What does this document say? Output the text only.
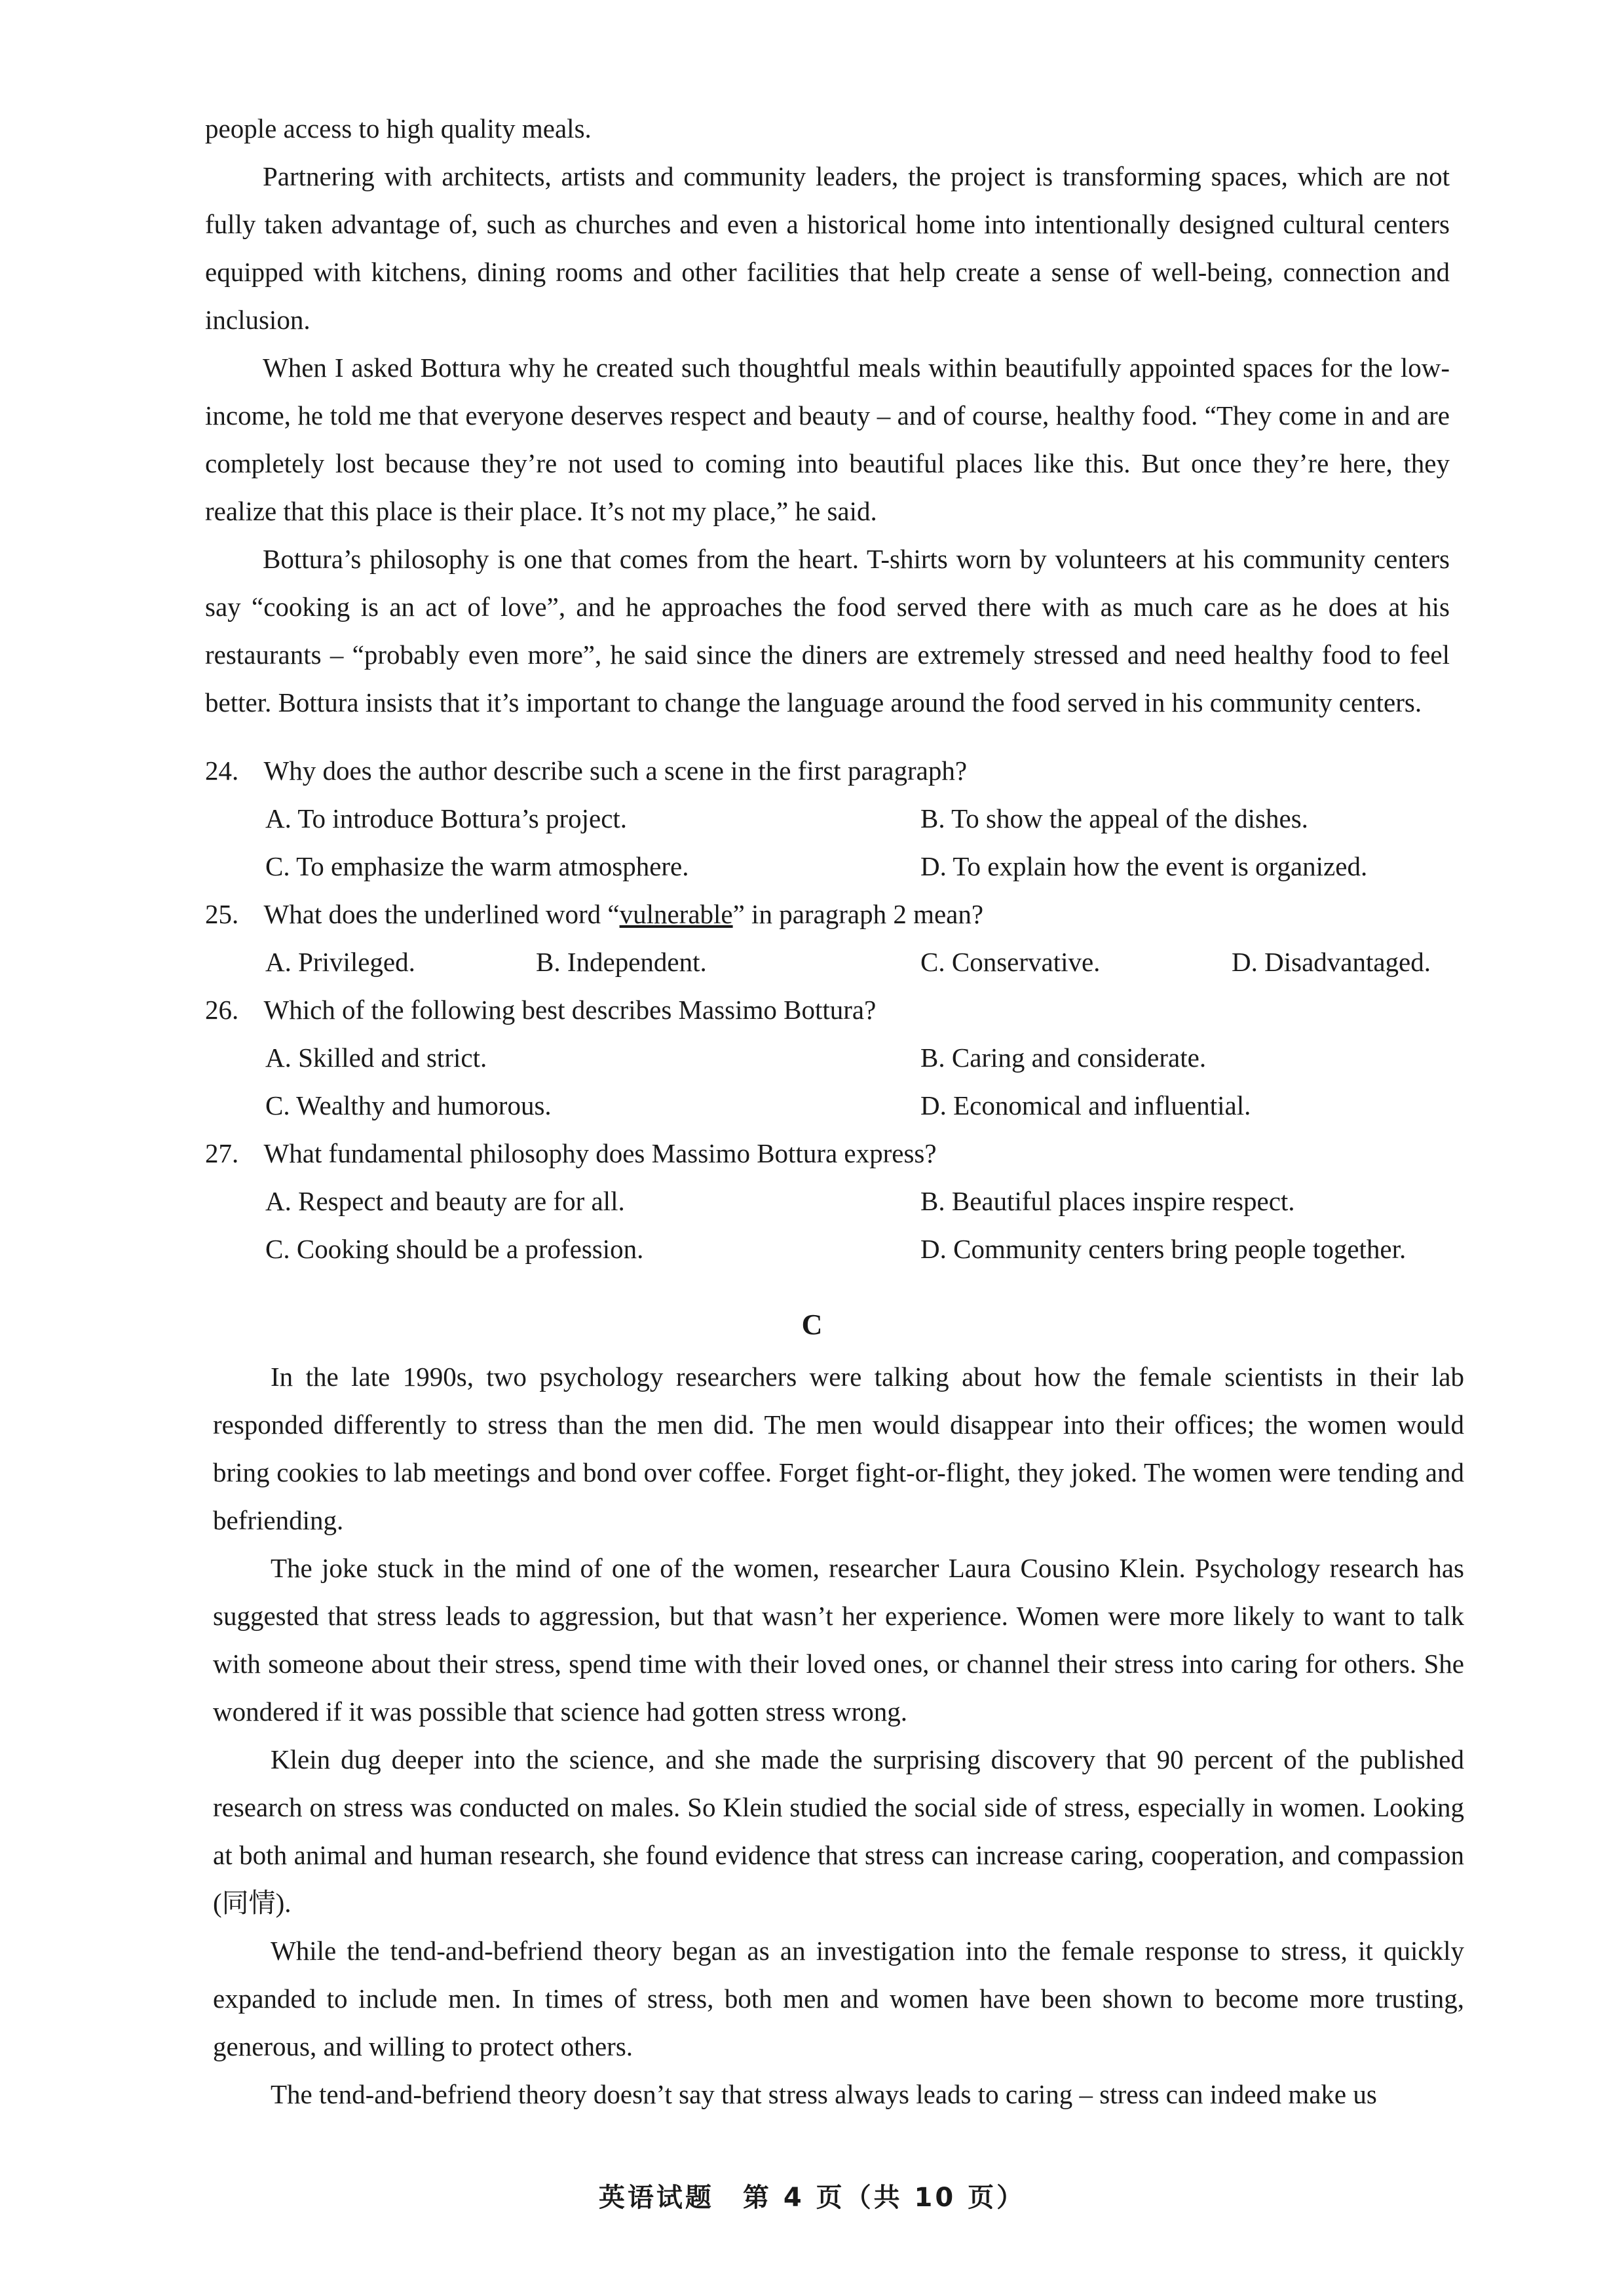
people access to high quality meals.

Partnering with architects, artists and community leaders, the project is transforming spaces, which are not fully taken advantage of, such as churches and even a historical home into intentionally designed cultural centers equipped with kitchens, dining rooms and other facilities that help create a sense of well-being, connection and inclusion.

When I asked Bottura why he created such thoughtful meals within beautifully appointed spaces for the low-income, he told me that everyone deserves respect and beauty – and of course, healthy food. “They come in and are completely lost because they’re not used to coming into beautiful places like this. But once they’re here, they realize that this place is their place. It’s not my place,” he said.

Bottura’s philosophy is one that comes from the heart. T-shirts worn by volunteers at his community centers say “cooking is an act of love”, and he approaches the food served there with as much care as he does at his restaurants – “probably even more”, he said since the diners are extremely stressed and need healthy food to feel better. Bottura insists that it’s important to change the language around the food served in his community centers.

24. Why does the author describe such a scene in the first paragraph?
A. To introduce Bottura’s project.	B. To show the appeal of the dishes.
C. To emphasize the warm atmosphere.	D. To explain how the event is organized.
25. What does the underlined word “vulnerable” in paragraph 2 mean?
A. Privileged.	B. Independent.	C. Conservative.	D. Disadvantaged.
26. Which of the following best describes Massimo Bottura?
A. Skilled and strict.	B. Caring and considerate.
C. Wealthy and humorous.	D. Economical and influential.
27. What fundamental philosophy does Massimo Bottura express?
A. Respect and beauty are for all.	B. Beautiful places inspire respect.
C. Cooking should be a profession.	D. Community centers bring people together.
C

In the late 1990s, two psychology researchers were talking about how the female scientists in their lab responded differently to stress than the men did. The men would disappear into their offices; the women would bring cookies to lab meetings and bond over coffee. Forget fight-or-flight, they joked. The women were tending and befriending.

The joke stuck in the mind of one of the women, researcher Laura Cousino Klein. Psychology research has suggested that stress leads to aggression, but that wasn’t her experience. Women were more likely to want to talk with someone about their stress, spend time with their loved ones, or channel their stress into caring for others. She wondered if it was possible that science had gotten stress wrong.

Klein dug deeper into the science, and she made the surprising discovery that 90 percent of the published research on stress was conducted on males. So Klein studied the social side of stress, especially in women. Looking at both animal and human research, she found evidence that stress can increase caring, cooperation, and compassion (同情).

While the tend-and-befriend theory began as an investigation into the female response to stress, it quickly expanded to include men. In times of stress, both men and women have been shown to become more trusting, generous, and willing to protect others.

The tend-and-befriend theory doesn’t say that stress always leads to caring – stress can indeed make us

英语试题　第 4 页（共 10 页）
